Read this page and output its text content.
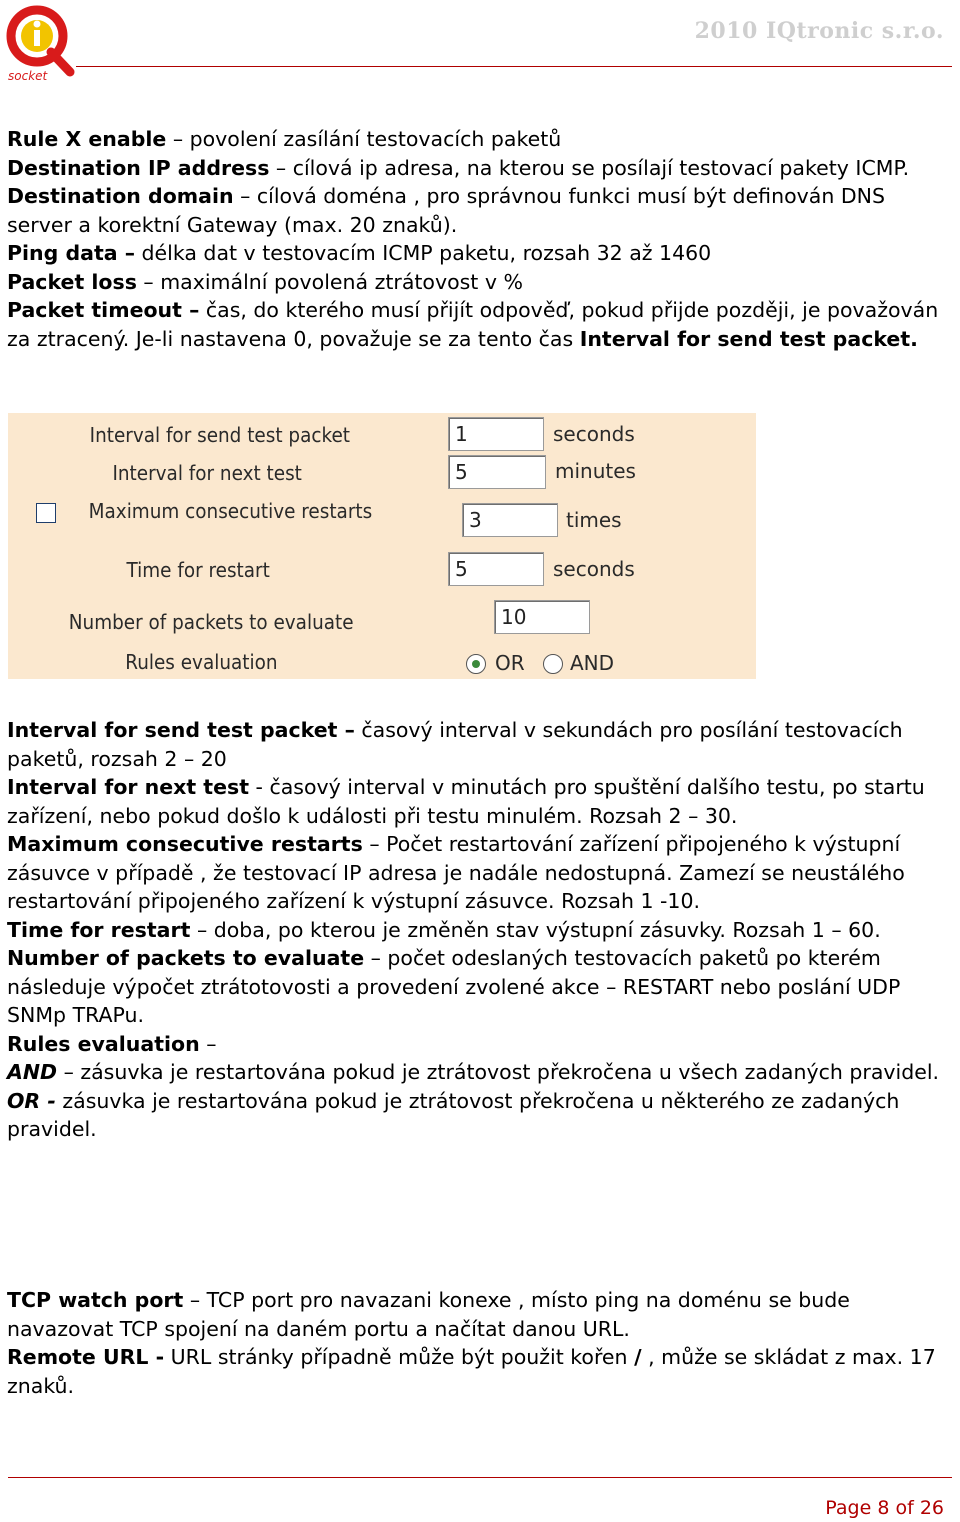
socket
2010 IQtronic s.r.o.

Rule X enable – povolení zasílání testovacích paketů

Destination IP address – cílová ip adresa, na kterou se posílají testovací pakety ICMP.

Destination domain – cílová doména , pro správnou funkci musí být definován DNS server a korektní Gateway (max. 20 znaků).

Ping data – délka dat v testovacím ICMP paketu, rozsah 32 až 1460

Packet loss – maximální povolená ztrátovost v %

Packet timeout – čas, do kterého musí přijít odpověď, pokud přijde později, je považován za ztracený. Je-li nastavena 0, považuje se za tento čas Interval for send test packet.

Interval for send test packet	1	seconds
Interval for next test	5	minutes
Maximum consecutive restarts	3	times
Time for restart	5	seconds
Number of packets to evaluate	10
Rules evaluation	OR AND

Interval for send test packet – časový interval v sekundách pro posílání testovacích paketů, rozsah 2 – 20

Interval for next test - časový interval v minutách pro spuštění dalšího testu, po startu zařízení, nebo pokud došlo k události při testu minulém. Rozsah 2 – 30.

Maximum consecutive restarts – Počet restartování zařízení připojeného k výstupní zásuvce v případě , že testovací IP adresa je nadále nedostupná. Zamezí se neustálého restartování připojeného zařízení k výstupní zásuvce. Rozsah 1 -10.

Time for restart – doba, po kterou je změněn stav výstupní zásuvky. Rozsah 1 – 60.

Number of packets to evaluate – počet odeslaných testovacích paketů po kterém následuje výpočet ztrátotovosti a provedení zvolené akce – RESTART nebo poslání UDP SNMp TRAPu.

Rules evaluation –

AND – zásuvka je restartována pokud je ztrátovost překročena u všech zadaných pravidel.

OR - zásuvka je restartována pokud je ztrátovost překročena u některého ze zadaných pravidel.

TCP watch port – TCP port pro navazani konexe , místo ping na doménu se bude navazovat TCP spojení na daném portu a načítat danou URL.

Remote URL - URL stránky případně může být použit kořen / , může se skládat z max. 17 znaků.

Page 8 of 26
